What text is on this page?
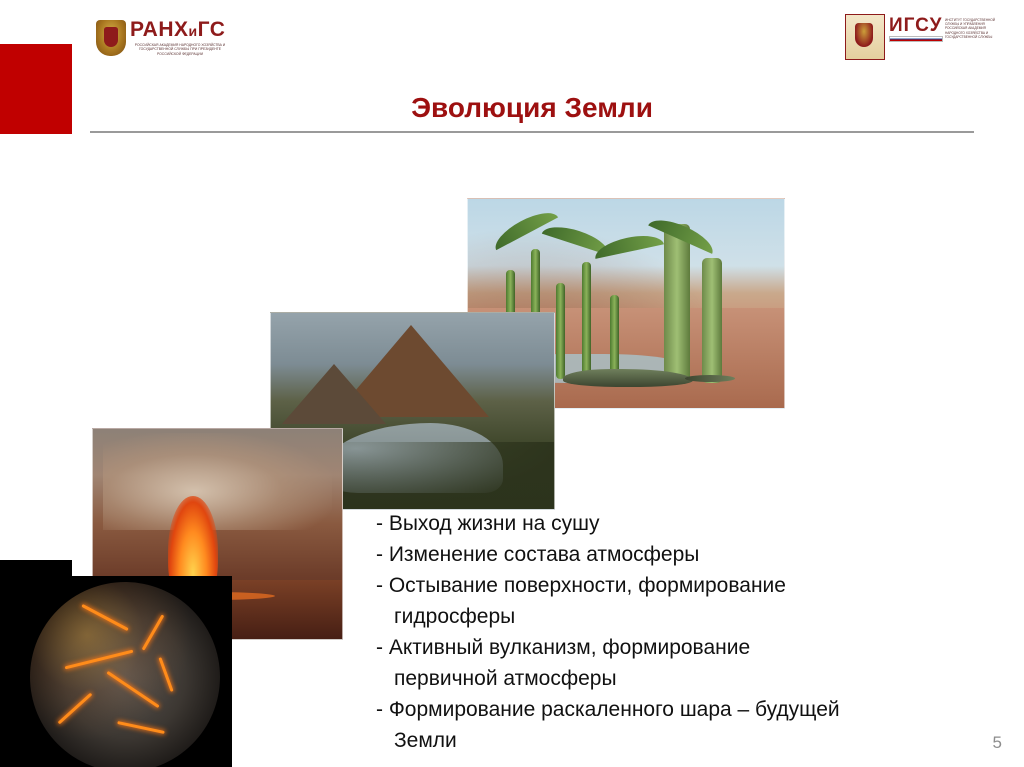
РАНХиГС
РОССИЙСКАЯ АКАДЕМИЯ НАРОДНОГО ХОЗЯЙСТВА И ГОСУДАРСТВЕННОЙ СЛУЖБЫ ПРИ ПРЕЗИДЕНТЕ РОССИЙСКОЙ ФЕДЕРАЦИИ
ИГСУ ИНСТИТУТ ГОСУДАРСТВЕННОЙ СЛУЖБЫ И УПРАВЛЕНИЯ РОССИЙСКАЯ АКАДЕМИЯ НАРОДНОГО ХОЗЯЙСТВА И ГОСУДАРСТВЕННОЙ СЛУЖБЫ
Эволюция Земли
- Выход жизни на сушу
- Изменение состава атмосферы
- Остывание поверхности, формирование
гидросферы
- Активный вулканизм, формирование
первичной атмосферы
- Формирование раскаленного шара – будущей
Земли	5
